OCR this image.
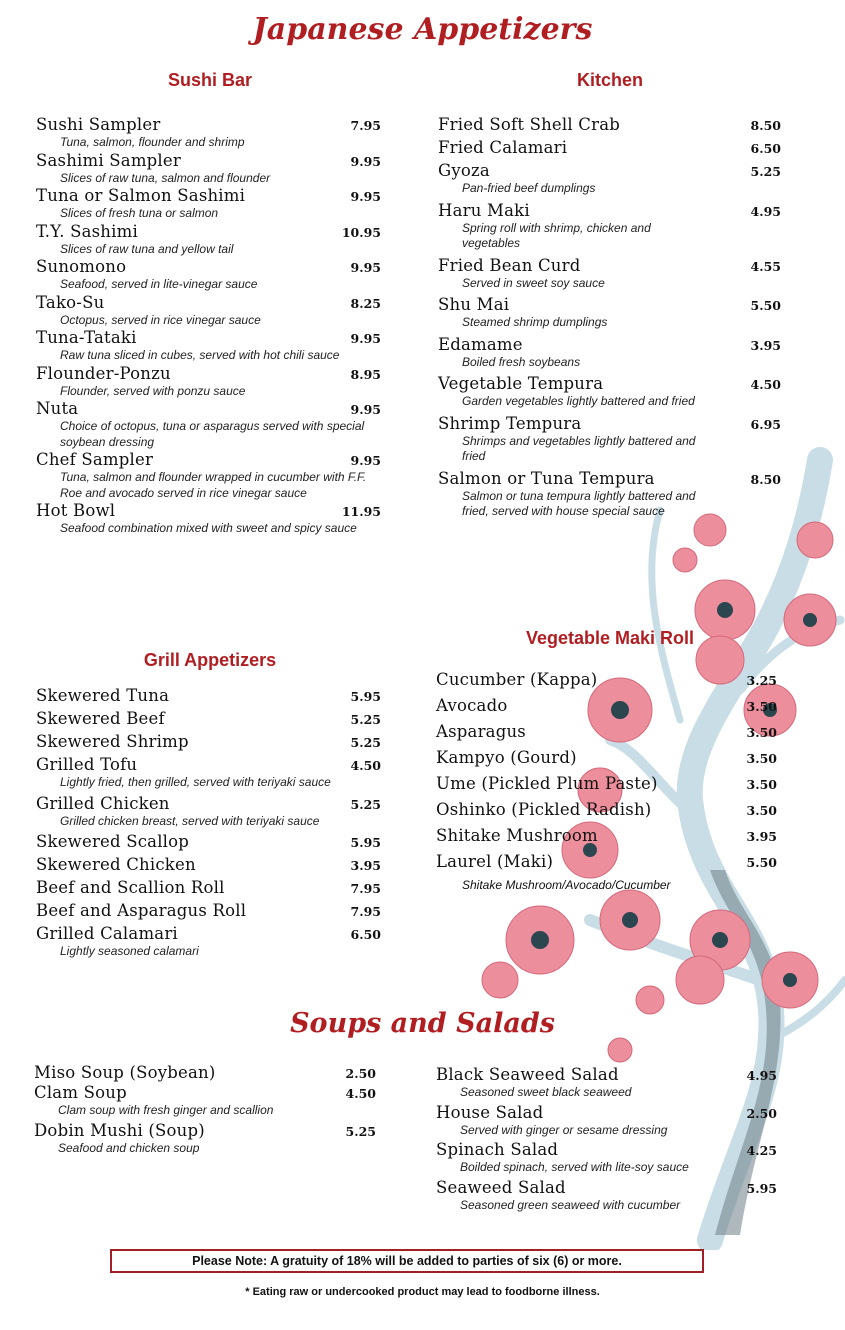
Japanese Appetizers
Sushi Bar
Sushi Sampler	7.95
Tuna, salmon, flounder and shrimp
Sashimi Sampler	9.95
Slices of raw tuna, salmon and flounder
Tuna or Salmon Sashimi	9.95
Slices of fresh tuna or salmon
T.Y. Sashimi	10.95
Slices of raw tuna and yellow tail
Sunomono	9.95
Seafood, served in lite-vinegar sauce
Tako-Su	8.25
Octopus, served in rice vinegar sauce
Tuna-Tataki	9.95
Raw tuna sliced in cubes, served with hot chili sauce
Flounder-Ponzu	8.95
Flounder, served with ponzu sauce
Nuta	9.95
Choice of octopus, tuna or asparagus served with special soybean dressing
Chef Sampler	9.95
Tuna, salmon and flounder wrapped in cucumber with F.F. Roe and avocado served in rice vinegar sauce
Hot Bowl	11.95
Seafood combination mixed with sweet and spicy sauce
Grill Appetizers
Skewered Tuna	5.95
Skewered Beef	5.25
Skewered Shrimp	5.25
Grilled Tofu	4.50
Lightly fried, then grilled, served with teriyaki sauce
Grilled Chicken	5.25
Grilled chicken breast, served with teriyaki sauce
Skewered Scallop	5.95
Skewered Chicken	3.95
Beef and Scallion Roll	7.95
Beef and Asparagus Roll	7.95
Grilled Calamari	6.50
Lightly seasoned calamari
Kitchen
Fried Soft Shell Crab	8.50
Fried Calamari	6.50
Gyoza	5.25
Pan-fried beef dumplings
Haru Maki	4.95
Spring roll with shrimp, chicken and vegetables
Fried Bean Curd	4.55
Served in sweet soy sauce
Shu Mai	5.50
Steamed shrimp dumplings
Edamame	3.95
Boiled fresh soybeans
Vegetable Tempura	4.50
Garden vegetables lightly battered and fried
Shrimp Tempura	6.95
Shrimps and vegetables lightly battered and fried
Salmon or Tuna Tempura	8.50
Salmon or tuna tempura lightly battered and fried, served with house special sauce
Vegetable Maki Roll
Cucumber (Kappa)	3.25
Avocado	3.50
Asparagus	3.50
Kampyo (Gourd)	3.50
Ume (Pickled Plum Paste)	3.50
Oshinko (Pickled Radish)	3.50
Shitake Mushroom	3.95
Laurel (Maki)	5.50
Shitake Mushroom/Avocado/Cucumber
Soups and Salads
Miso Soup (Soybean)	2.50
Clam Soup	4.50
Clam soup with fresh ginger and scallion
Dobin Mushi (Soup)	5.25
Seafood and chicken soup
Black Seaweed Salad	4.95
Seasoned sweet black seaweed
House Salad	2.50
Served with ginger or sesame dressing
Spinach Salad	4.25
Boilded spinach, served with lite-soy sauce
Seaweed Salad	5.95
Seasoned green seaweed with cucumber
Please Note: A gratuity of 18% will be added to parties of six (6) or more.
* Eating raw or undercooked product may lead to foodborne illness.
